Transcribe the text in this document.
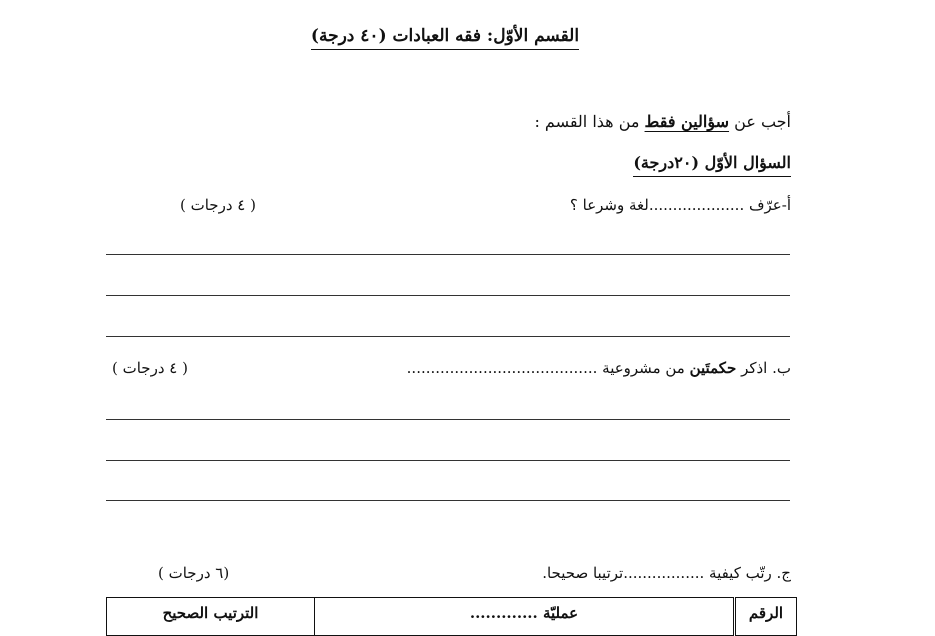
القسم الأوّل: فقه العبادات (٤٠ درجة)
أجب عن سؤالين فقط من هذا القسم :
السؤال الأوّل (٢٠درجة)
أ-عرّف ....................لغة وشرعا ؟
( ٤ درجات )
ب. اذكر حكمتَين من مشروعية ........................................
( ٤ درجات )
ج. رتّب كيفية .................ترتيبا صحيحا.
(٦ درجات )
الرقم	عمليّة .............	الترتيب الصحيح
